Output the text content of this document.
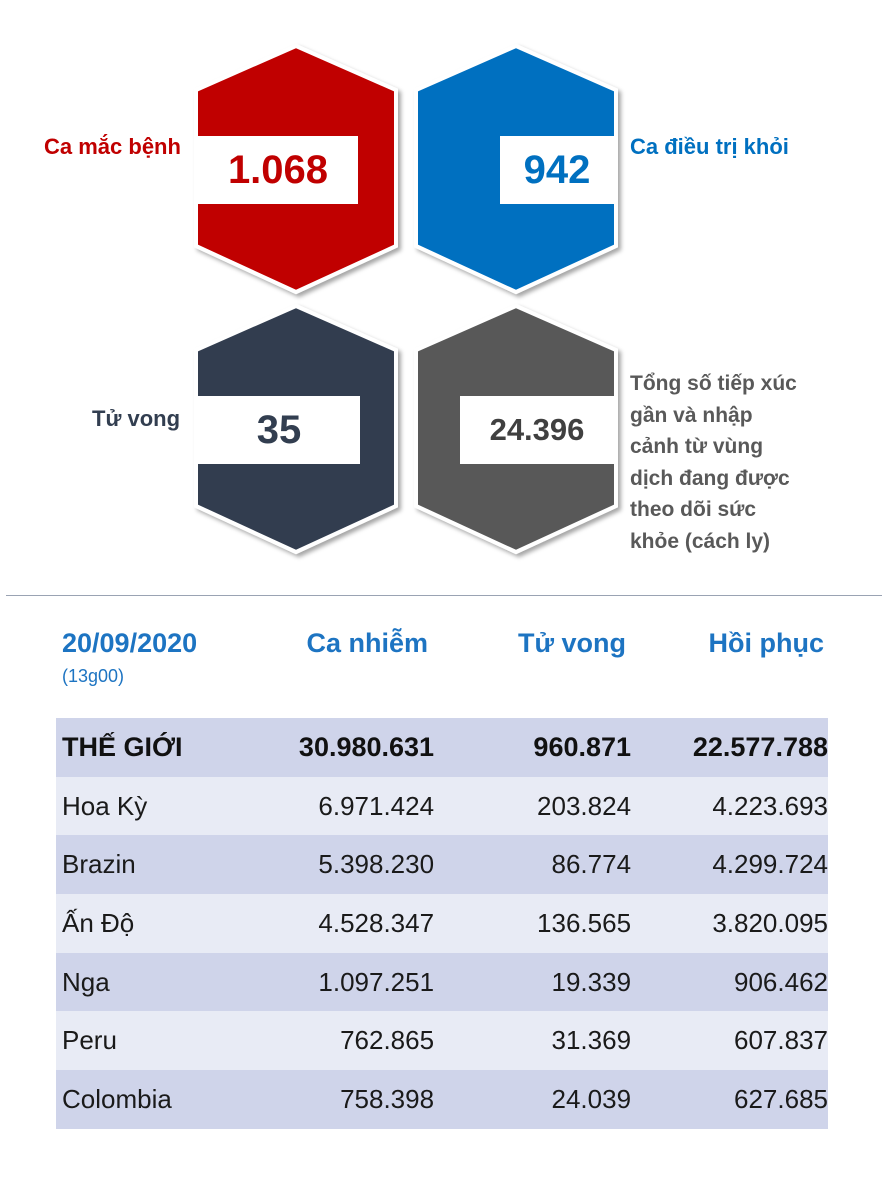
1.068	942
35	24.396
Ca mắc bệnh	Ca điều trị khỏi
Tử vong
Tổng số tiếp xúc
gần và nhập
cảnh từ vùng
dịch đang được
theo dõi sức
khỏe (cách ly)
20/09/2020
(13g00)
Ca nhiễm	Tử vong	Hồi phục
THẾ GIỚI	30.980.631	960.871	22.577.788
Hoa Kỳ	6.971.424	203.824	4.223.693
Brazin	5.398.230	86.774	4.299.724
Ấn Độ	4.528.347	136.565	3.820.095
Nga	1.097.251	19.339	906.462
Peru	762.865	31.369	607.837
Colombia	758.398	24.039	627.685
